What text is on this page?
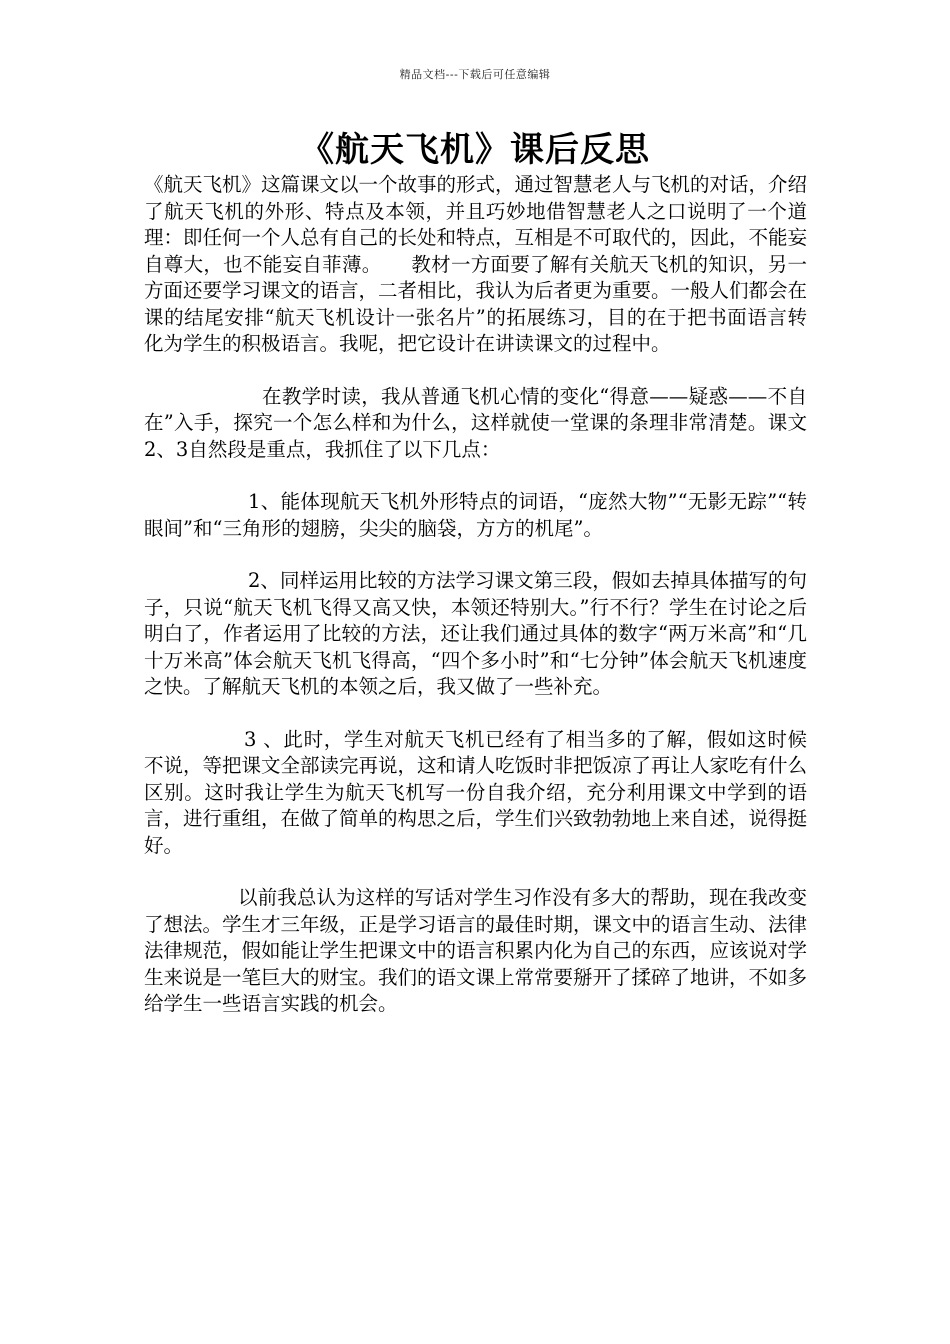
精品文档---下载后可任意编辑
《航天飞机》课后反思

《航天飞机》这篇课文以一个故事的形式，通过智慧老人与飞机的对话，介绍了航天飞机的外形、特点及本领，并且巧妙地借智慧老人之口说明了一个道理：即任何一个人总有自己的长处和特点，互相是不可取代的，因此，不能妄自尊大，也不能妄自菲薄。　　教材一方面要了解有关航天飞机的知识，另一方面还要学习课文的语言，二者相比，我认为后者更为重要。一般人们都会在课的结尾安排“航天飞机设计一张名片”的拓展练习，目的在于把书面语言转化为学生的积极语言。我呢，把它设计在讲读课文的过程中。

在教学时读，我从普通飞机心情的变化“得意——疑惑——不自在”入手，探究一个怎么样和为什么，这样就使一堂课的条理非常清楚。课文2、3自然段是重点，我抓住了以下几点：

1、能体现航天飞机外形特点的词语，“庞然大物”“无影无踪”“转眼间”和“三角形的翅膀，尖尖的脑袋，方方的机尾”。

2、同样运用比较的方法学习课文第三段，假如去掉具体描写的句子，只说“航天飞机飞得又高又快，本领还特别大。”行不行？学生在讨论之后明白了，作者运用了比较的方法，还让我们通过具体的数字“两万米高”和“几十万米高”体会航天飞机飞得高，“四个多小时”和“七分钟”体会航天飞机速度之快。了解航天飞机的本领之后，我又做了一些补充。

3 、此时，学生对航天飞机已经有了相当多的了解，假如这时候不说，等把课文全部读完再说，这和请人吃饭时非把饭凉了再让人家吃有什么区别。这时我让学生为航天飞机写一份自我介绍，充分利用课文中学到的语言，进行重组，在做了简单的构思之后，学生们兴致勃勃地上来自述，说得挺好。

以前我总认为这样的写话对学生习作没有多大的帮助，现在我改变了想法。学生才三年级，正是学习语言的最佳时期，课文中的语言生动、法律法律规范，假如能让学生把课文中的语言积累内化为自己的东西，应该说对学生来说是一笔巨大的财宝。我们的语文课上常常要掰开了揉碎了地讲，不如多给学生一些语言实践的机会。
